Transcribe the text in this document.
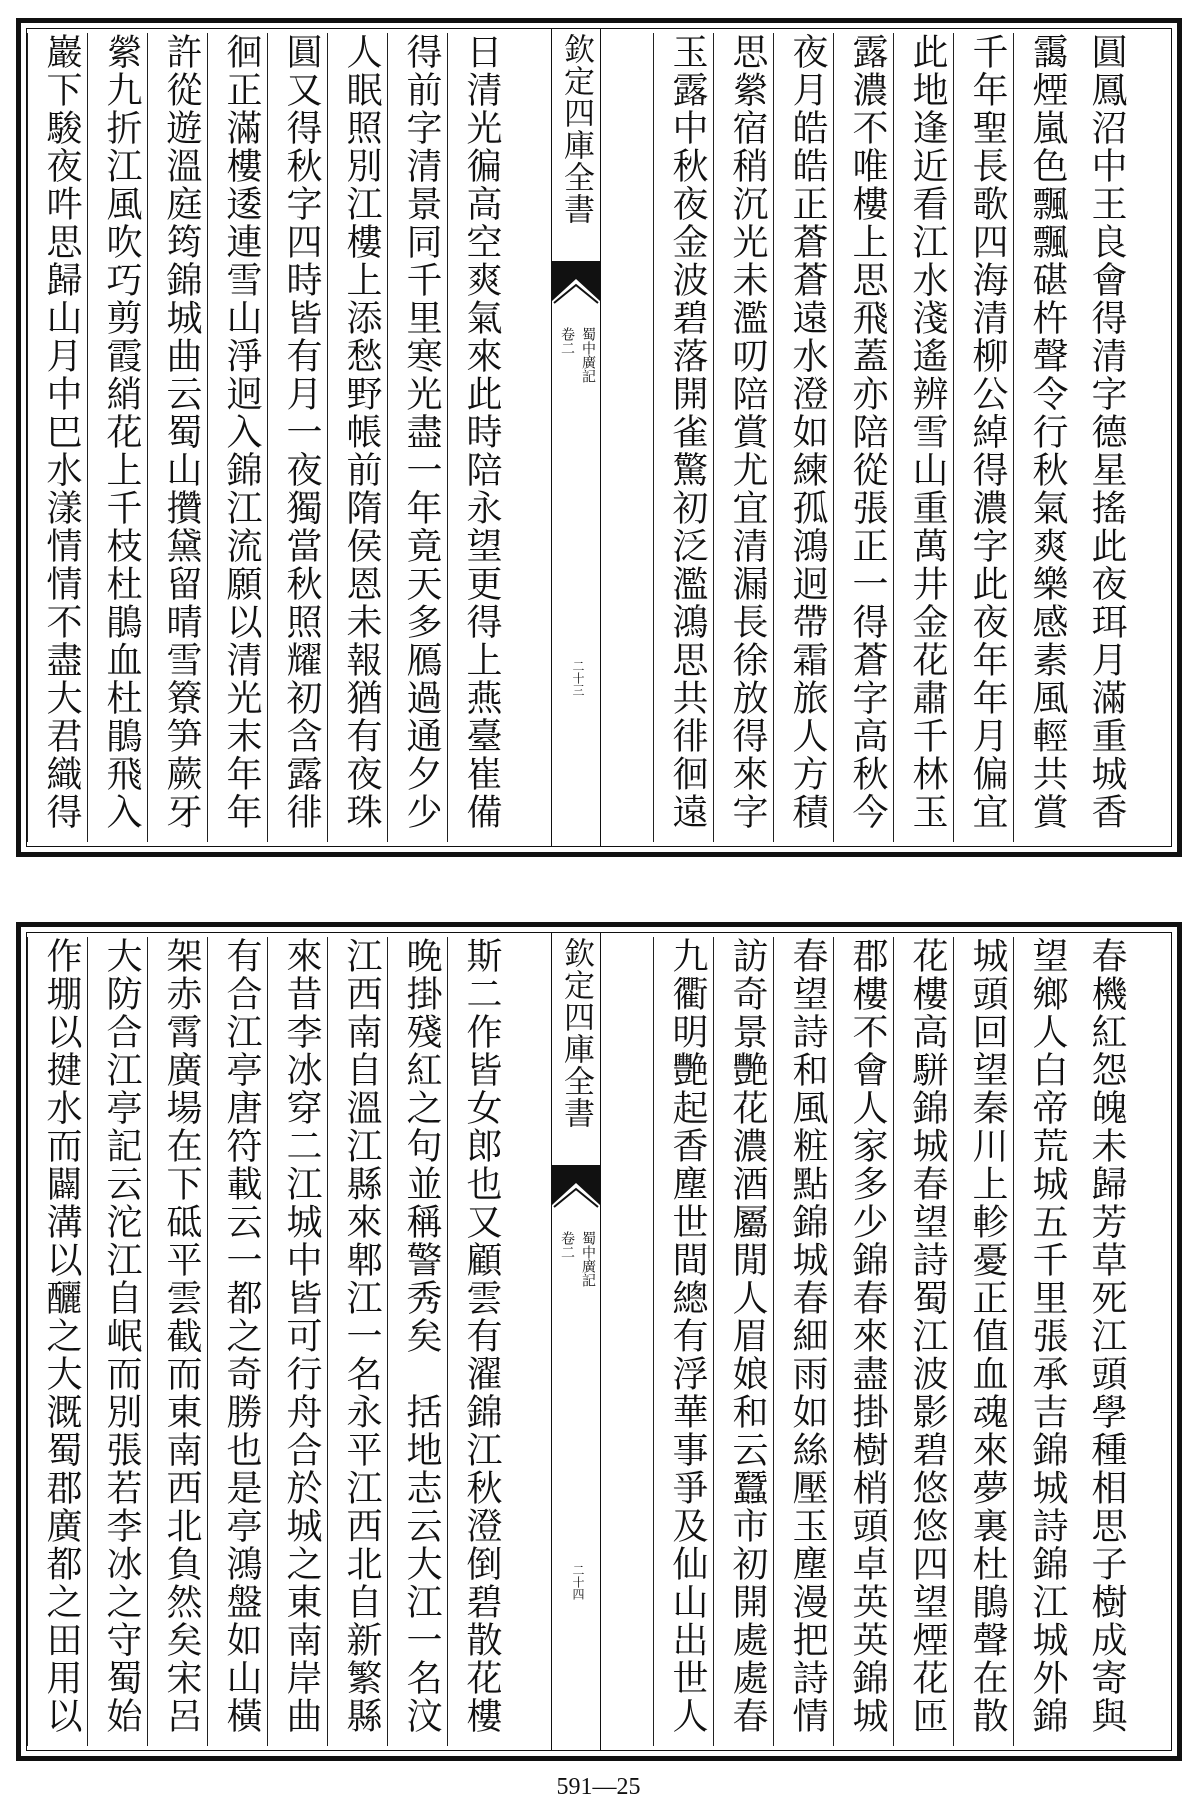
巖下駿夜吽思歸山月中巴水漾情情不盡大君織得 縈九折江風吹巧剪霞綃花上千枝杜鵑血杜鵑飛入 許從遊溫庭筠錦城曲云蜀山攢黛留晴雪簝笋蕨牙 徊正滿樓逶連雪山淨迥入錦江流願以清光末年年 圓又得秋字四時皆有月一夜獨當秋照耀初含露徘 人眠照別江樓上添愁野帳前隋侯恩未報猶有夜珠 得前字清景同千里寒光盡一年竟天多鴈過通夕少 日清光徧高空爽氣來此時陪永望更得上燕臺崔備 欽定四庫全書
蜀中廣記
卷二
二十三	玉露中秋夜金波碧落開雀驚初泛濫鴻思共徘徊遠 思縈宿稍沉光未濫叨陪賞尤宜清漏長徐放得來字 夜月皓皓正蒼蒼遠水澄如練孤鴻迥帶霜旅人方積 露濃不唯樓上思飛蓋亦陪從張正一得蒼字高秋今 此地逢近看江水淺遙辨雪山重萬井金花肅千林玉 千年聖長歌四海清柳公綽得濃字此夜年年月偏宜 靄煙嵐色飄飄碪杵聲令行秋氣爽樂感素風輕共賞 圓鳳沼中王良會得清字德星搖此夜珥月滿重城香
作堋以揵水而闢溝以釃之大溉蜀郡廣都之田用以 大防合江亭記云沱江自岷而別張若李冰之守蜀始 架赤霄廣場在下砥平雲截而東南西北負然矣宋呂 有合江亭唐符載云一都之奇勝也是亭鴻盤如山橫 來昔李冰穿二江城中皆可行舟合於城之東南岸曲 江西南自溫江縣來郫江一名永平江西北自新繁縣 晚掛殘紅之句並稱警秀矣　括地志云大江一名汶 斯二作皆女郎也又顧雲有濯錦江秋澄倒碧散花樓 欽定四庫全書
蜀中廣記
卷二
二十四	九衢明艷起香塵世間總有浮華事爭及仙山出世人 訪奇景艷花濃酒屬閒人眉娘和云蠶市初開處處春 春望詩和風粧點錦城春細雨如絲壓玉塵漫把詩情 郡樓不會人家多少錦春來盡掛樹梢頭卓英英錦城 花樓高駢錦城春望詩蜀江波影碧悠悠四望煙花匝 城頭回望秦川上軫憂正值血魂來夢裏杜鵑聲在散 望鄉人白帝荒城五千里張承吉錦城詩錦江城外錦 春機紅怨魄未歸芳草死江頭學種相思子樹成寄與
591—25
